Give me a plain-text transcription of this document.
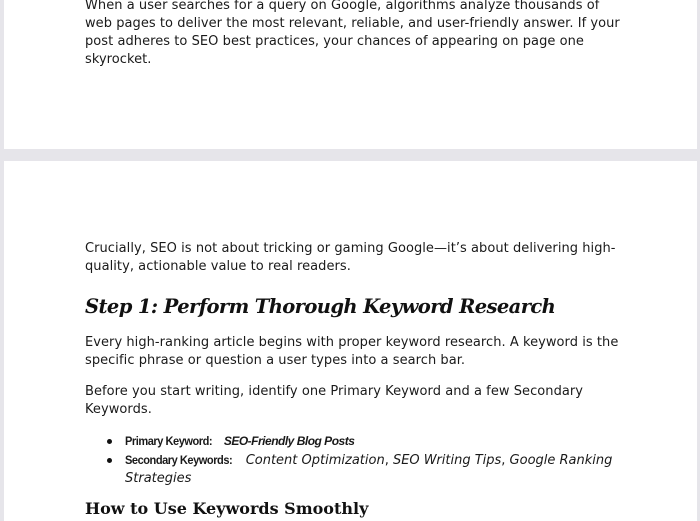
When a user searches for a query on Google, algorithms analyze thousands of web pages to deliver the most relevant, reliable, and user-friendly answer. If your post adheres to SEO best practices, your chances of appearing on page one skyrocket.

Crucially, SEO is not about tricking or gaming Google—it’s about delivering high-quality, actionable value to real readers.

Step 1: Perform Thorough Keyword Research

Every high-ranking article begins with proper keyword research. A keyword is the specific phrase or question a user types into a search bar.

Before you start writing, identify one Primary Keyword and a few Secondary Keywords.

Primary Keyword: SEO-Friendly Blog Posts
Secondary Keywords: Content Optimization, SEO Writing Tips, Google Ranking Strategies
How to Use Keywords Smoothly
